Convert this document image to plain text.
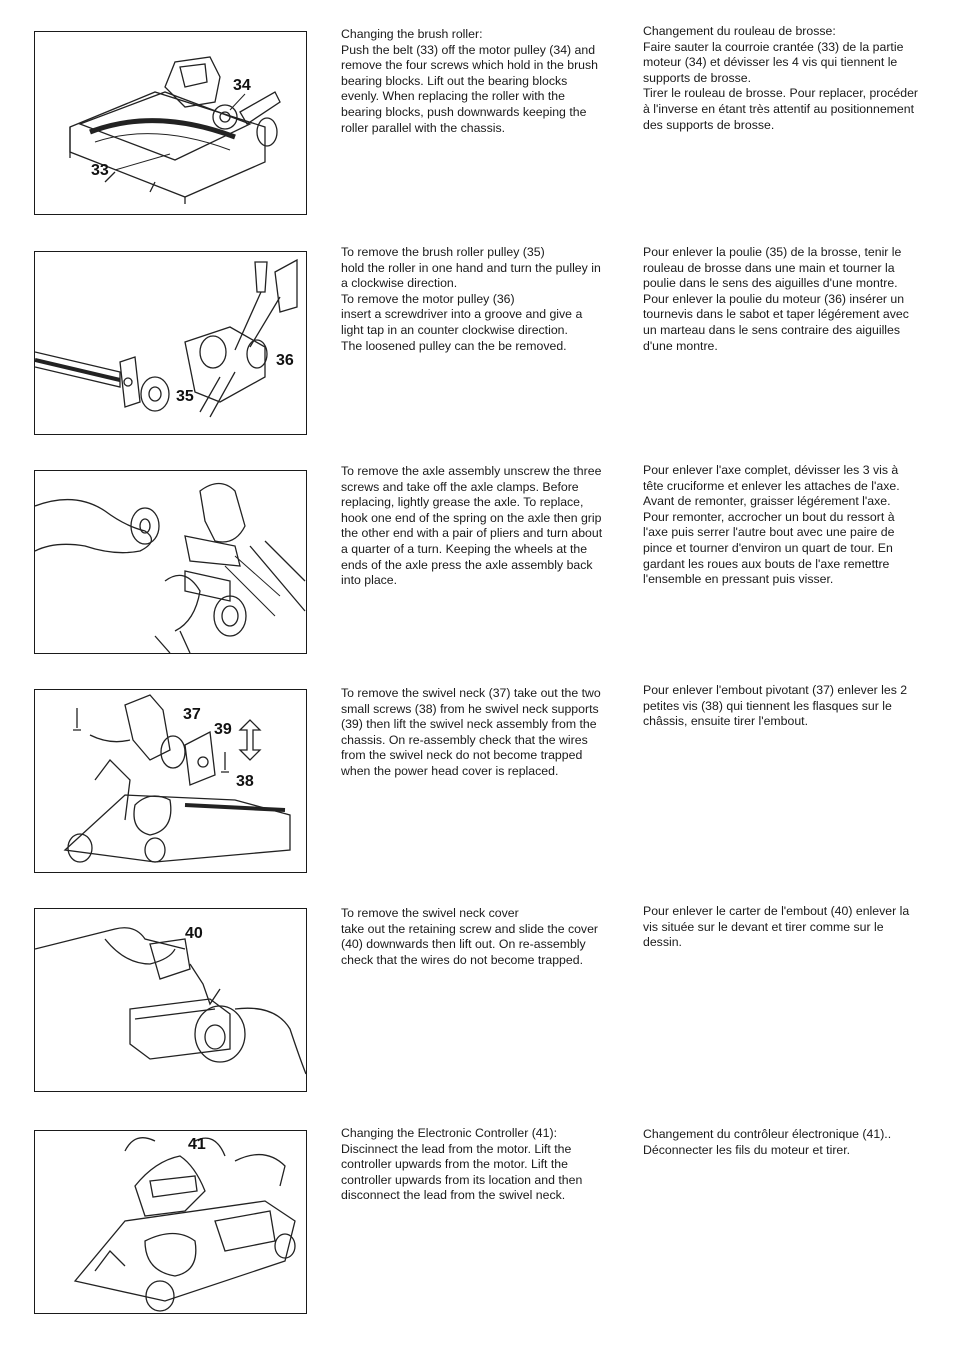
34
33

Changing the brush roller:

Push the belt (33) off the motor pulley (34) and remove the four screws which hold in the brush bearing blocks. Lift out the bearing blocks evenly. When replacing the roller with the bearing blocks, push downwards keeping the roller parallel with the chassis.

Changement du rouleau de brosse:

Faire sauter la courroie crantée (33) de la partie moteur (34) et dévisser les 4 vis qui tiennent le supports de brosse.

Tirer le rouleau de brosse. Pour replacer, procéder à l'inverse en étant très attentif au positionnement des supports de brosse.

36
35

To remove the brush roller pulley (35)

hold the roller in one hand and turn the pulley in a clockwise direction.

To remove the motor pulley (36)

insert a screwdriver into a groove and give a light tap in an counter clockwise direction.

The loosened pulley can the be removed.

Pour enlever la poulie (35) de la brosse, tenir le rouleau de brosse dans une main et tourner la poulie dans le sens des aiguilles d'une montre.

Pour enlever la poulie du moteur (36) insérer un tournevis dans le sabot et taper légérement avec un marteau dans le sens contraire des aiguilles d'une montre.

To remove the axle assembly unscrew the three screws and take off the axle clamps. Before replacing, lightly grease the axle. To replace, hook one end of the spring on the axle then grip the other end with a pair of pliers and turn about a quarter of a turn. Keeping the wheels at the ends of the axle press the axle assembly back into place.

Pour enlever l'axe complet, dévisser les 3 vis à tête cruciforme et enlever les attaches de l'axe. Avant de remonter, graisser légérement l'axe. Pour remonter, accrocher un bout du ressort à l'axe puis serrer l'autre bout avec une paire de pince et tourner d'environ un quart de tour. En gardant les roues aux bouts de l'axe remettre l'ensemble en pressant puis visser.

37
39
38

To remove the swivel neck (37) take out the two small screws (38) from he swivel neck supports (39) then lift the swivel neck assembly from the chassis. On re-assembly check that the wires from the swivel neck do not become trapped when the power head cover is replaced.

Pour enlever l'embout pivotant (37) enlever les 2 petites vis (38) qui tiennent les flasques sur le châssis, ensuite tirer l'embout.

40

To remove the swivel neck cover

take out the retaining screw and slide the cover (40) downwards then lift out. On re-assembly check that the wires do not become trapped.

Pour enlever le carter de l'embout (40) enlever la vis située sur le devant et tirer comme sur le dessin.

41

Changing the Electronic Controller (41):

Discinnect the lead from the motor. Lift the controller upwards from the motor. Lift the controller upwards from its location and then disconnect the lead from the swivel neck.

Changement du contrôleur électronique (41)..

Déconnecter les fils du moteur et tirer.
